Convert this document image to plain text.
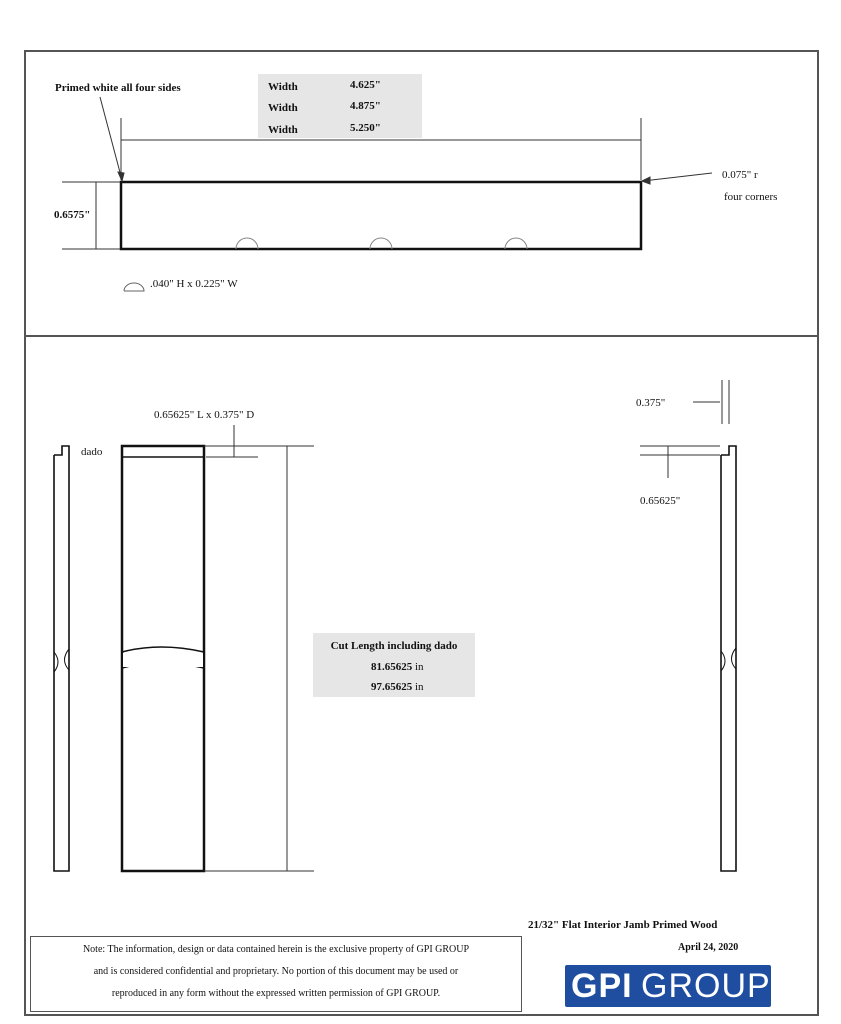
Primed white all four sides	Width	4.625"
Width	4.875"
Width	5.250"
0.6575"
0.075" r
four corners
.040" H x 0.225" W
0.65625" L x 0.375" D
dado
0.375"
0.65625"
Cut Length including dado
81.65625 in
97.65625 in
21/32" Flat Interior Jamb Primed Wood
April 24, 2020
Note: The information, design or data contained herein is the exclusive property of GPI GROUP
and is considered confidential and proprietary. No portion of this document may be used or
reproduced in any form without the expressed written permission of GPI GROUP.	GPI GROUP
